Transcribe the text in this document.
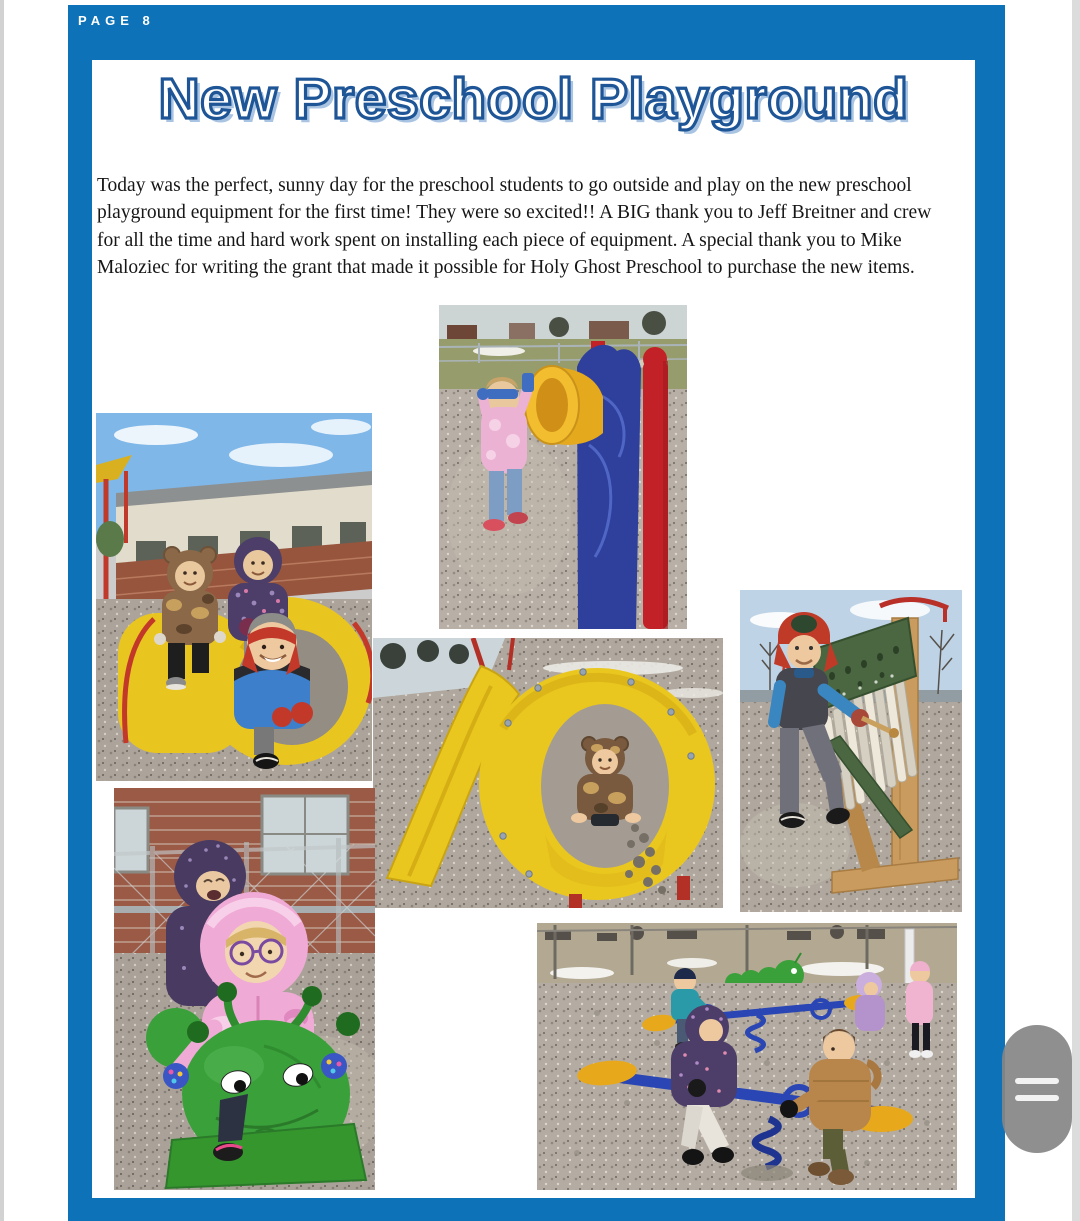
PAGE 8
New Preschool Playground

Today was the perfect, sunny day for the preschool students to go outside and play on the new preschool playground equipment for the first time! They were so excited!! A BIG thank you to Jeff Breitner and crew for all the time and hard work spent on installing each piece of equipment. A special thank you to Mike Maloziec for writing the grant that made it possible for Holy Ghost Preschool to purchase the new items.
